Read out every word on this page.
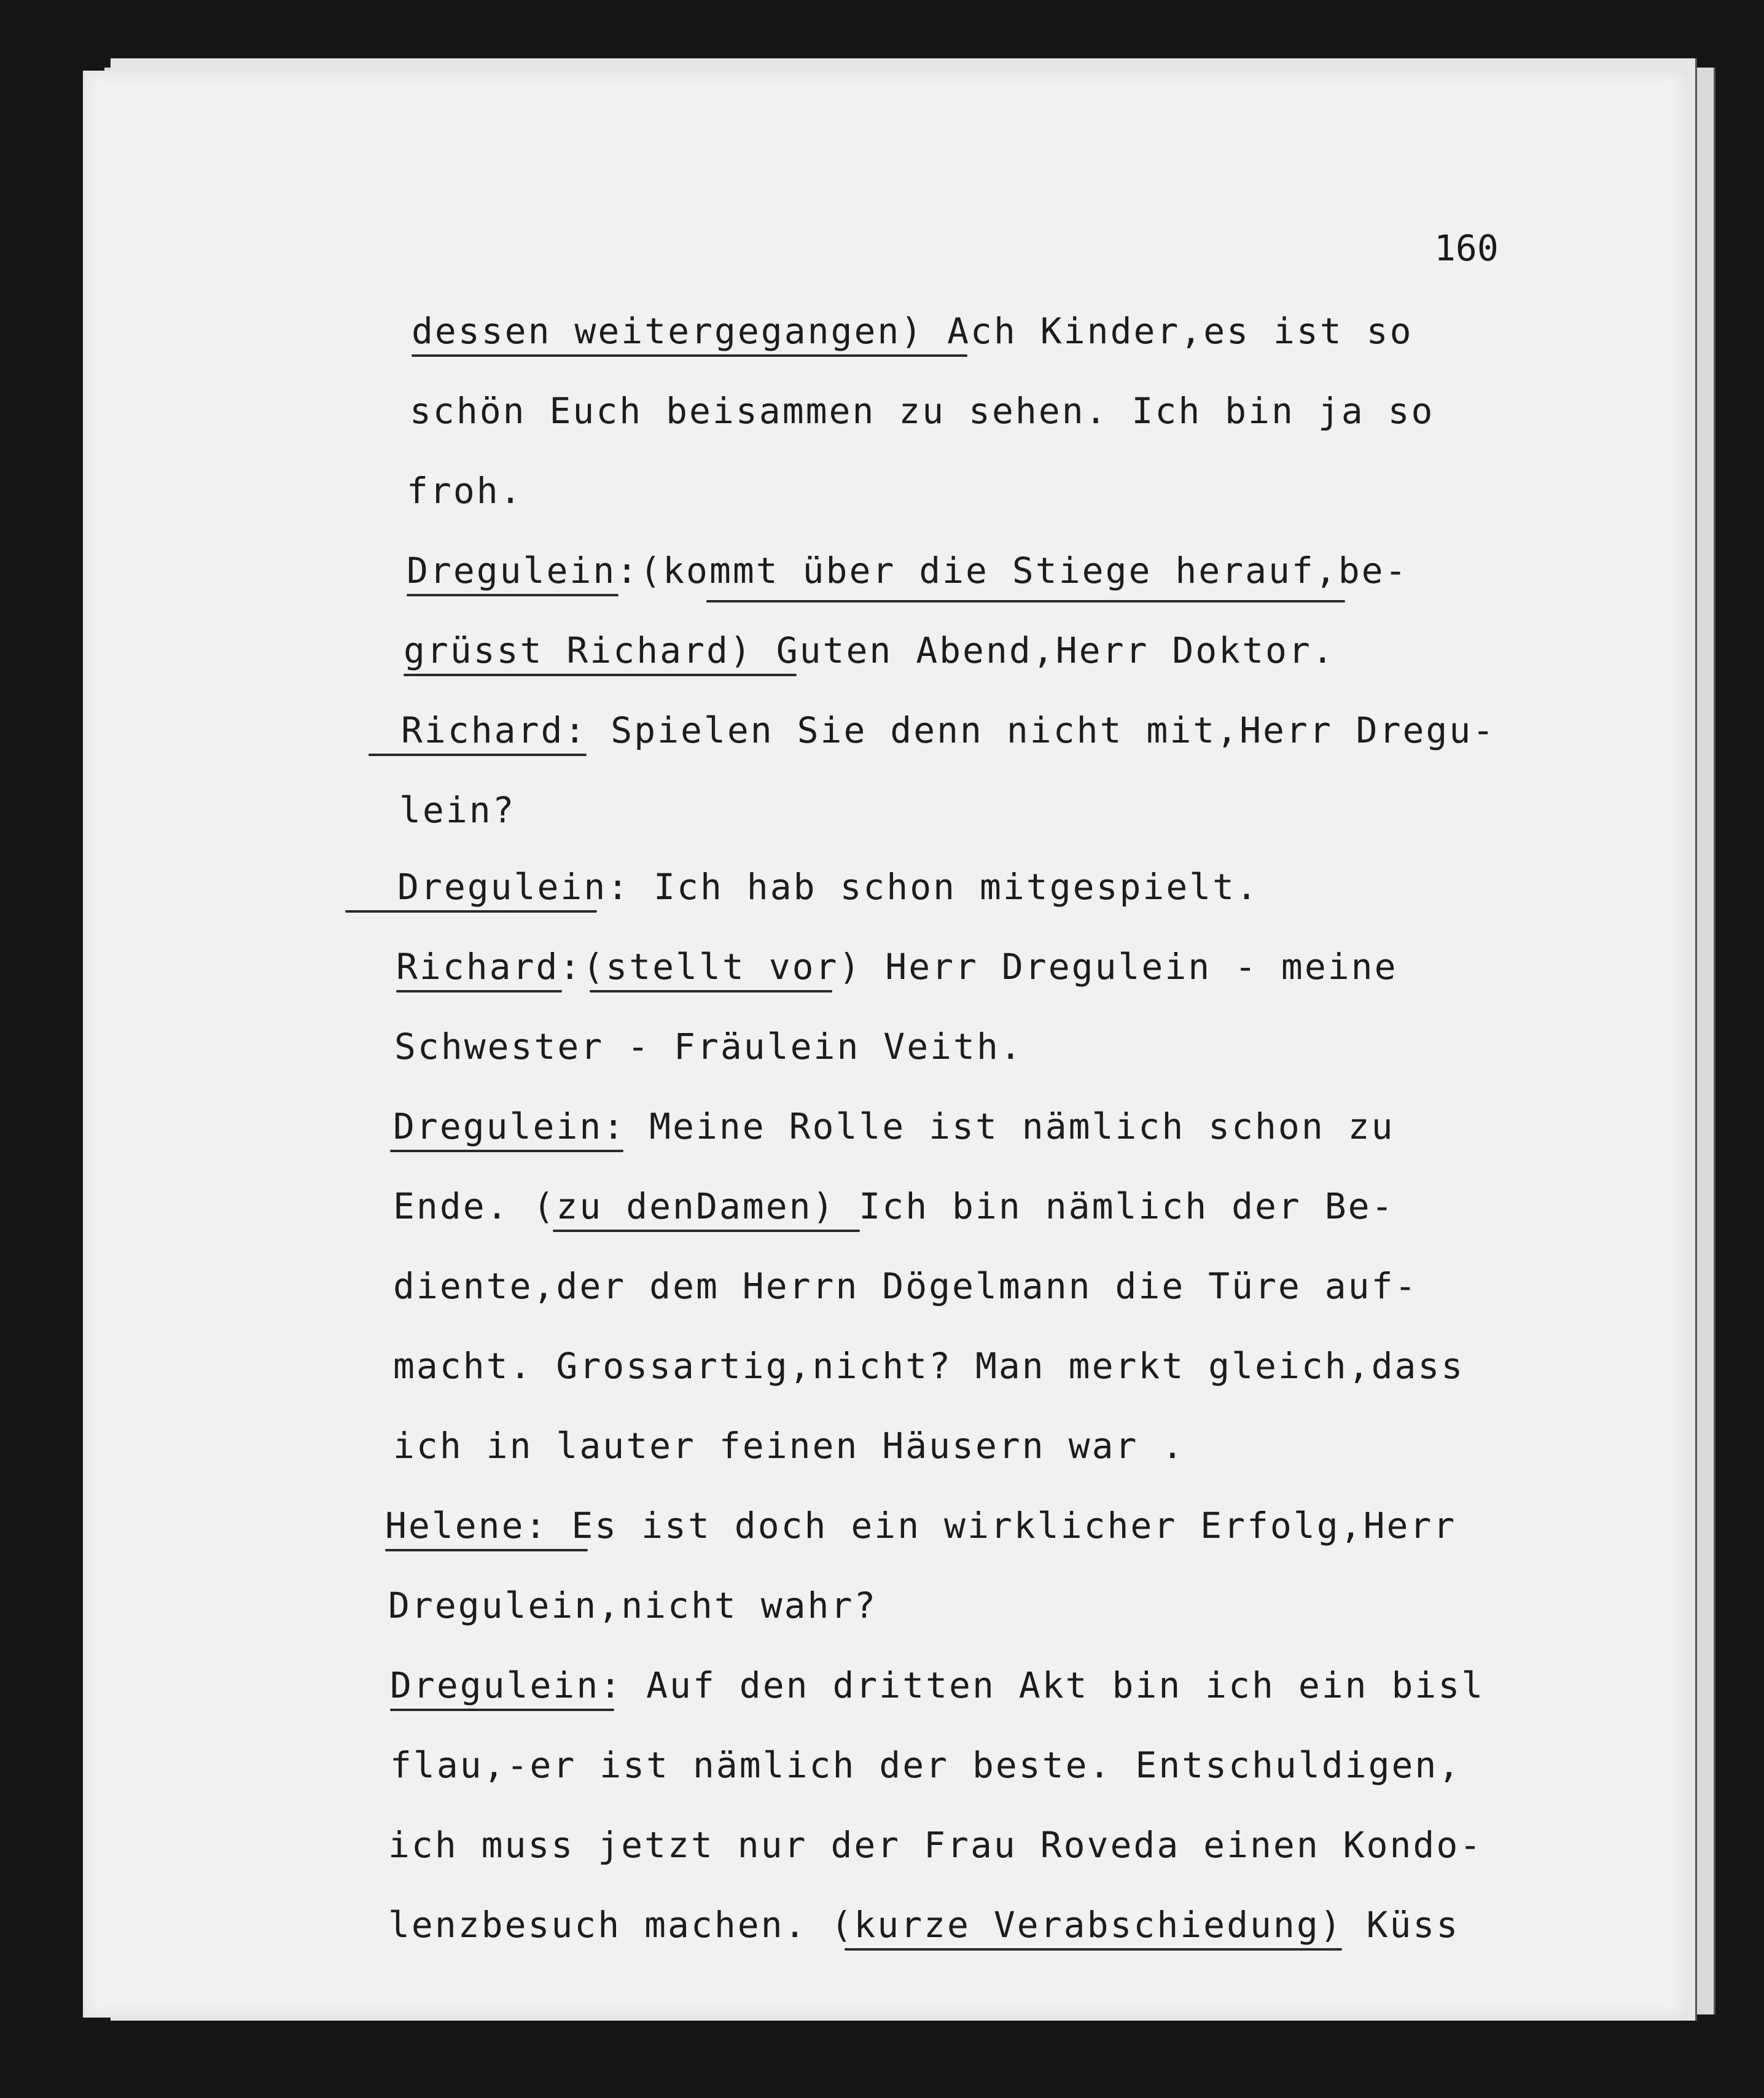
160
dessen weitergegangen) Ach Kinder,es ist so
schön Euch beisammen zu sehen. Ich bin ja so
froh.
Dregulein:(kommt über die Stiege herauf,be-
grüsst Richard) Guten Abend,Herr Doktor.
Richard: Spielen Sie denn nicht mit,Herr Dregu-
lein?
Dregulein: Ich hab schon mitgespielt.
Richard:(stellt vor) Herr Dregulein - meine
Schwester - Fräulein Veith.
Dregulein: Meine Rolle ist nämlich schon zu
Ende. (zu denDamen) Ich bin nämlich der Be-
diente,der dem Herrn Dögelmann die Türe auf-
macht. Grossartig,nicht? Man merkt gleich,dass
ich in lauter feinen Häusern war .
Helene: Es ist doch ein wirklicher Erfolg,Herr
Dregulein,nicht wahr?
Dregulein: Auf den dritten Akt bin ich ein bisl
flau,-er ist nämlich der beste. Entschuldigen,
ich muss jetzt nur der Frau Roveda einen Kondo-
lenzbesuch machen. (kurze Verabschiedung) Küss
